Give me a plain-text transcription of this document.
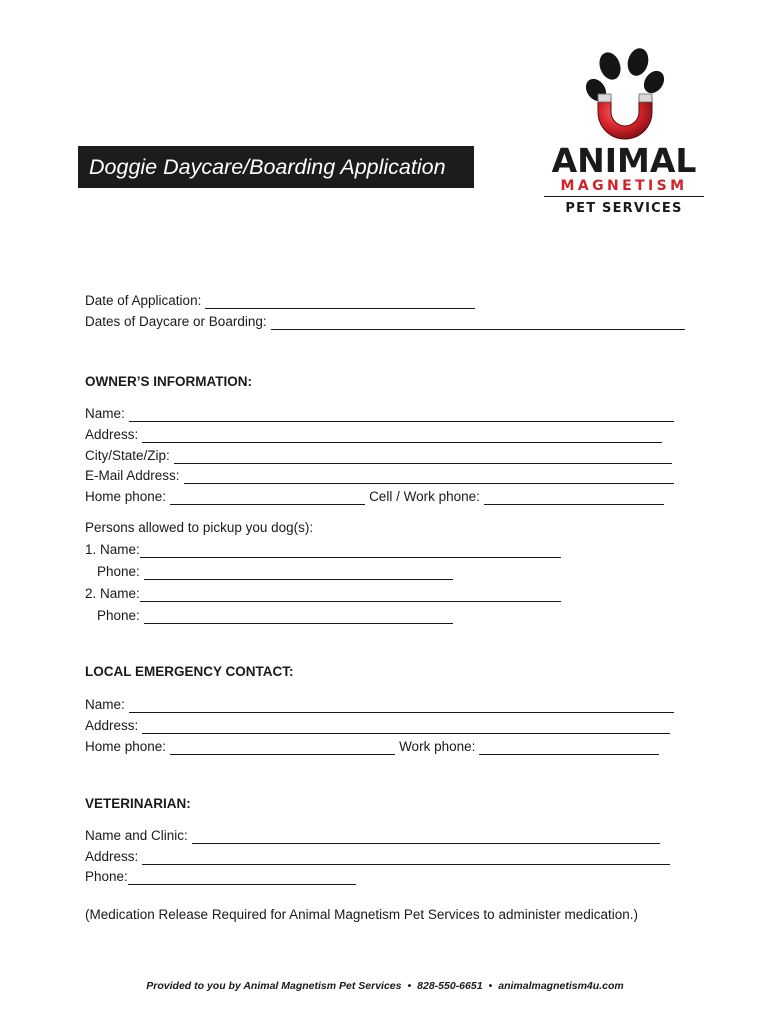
Doggie Daycare/Boarding Application	ANIMAL
MAGNETISM
PET SERVICES
Date of Application:
Dates of Daycare or Boarding:
OWNER’S INFORMATION:
Name:
Address:
City/State/Zip:
E-Mail Address:
Home phone:	Cell / Work phone:
Persons allowed to pickup you dog(s):
1. Name:
Phone:
2. Name:
Phone:
LOCAL EMERGENCY CONTACT:
Name:
Address:
Home phone:	Work phone:
VETERINARIAN:
Name and Clinic:
Address:
Phone:
(Medication Release Required for Animal Magnetism Pet Services to administer medication.)
Provided to you by Animal Magnetism Pet Services • 828-550-6651 • animalmagnetism4u.com
